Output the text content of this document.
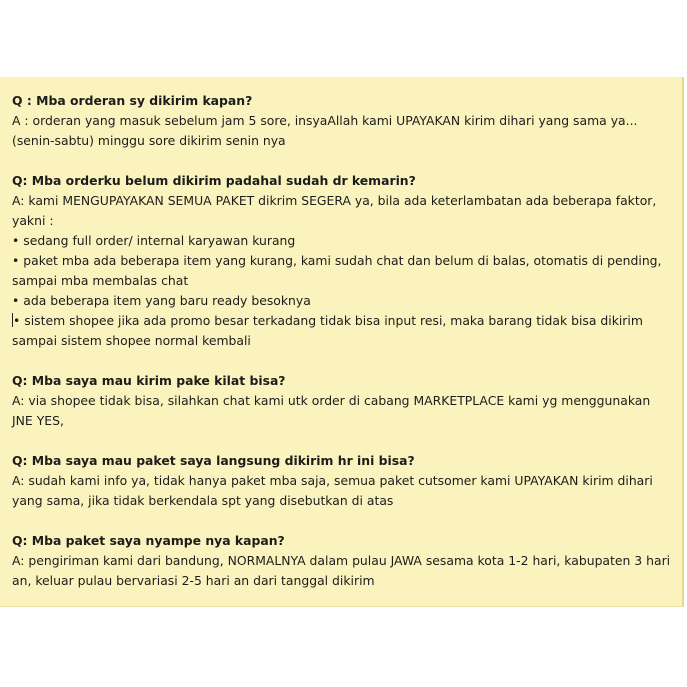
Q : Mba orderan sy dikirim kapan?
A : orderan yang masuk sebelum jam 5 sore, insyaAllah kami UPAYAKAN kirim dihari yang sama ya... (senin-sabtu) minggu sore dikirim senin nya
Q: Mba orderku belum dikirim padahal sudah dr kemarin?
A: kami MENGUPAYAKAN SEMUA PAKET dikrim SEGERA ya, bila ada keterlambatan ada beberapa faktor, yakni :
• sedang full order/ internal karyawan kurang
• paket mba ada beberapa item yang kurang, kami sudah chat dan belum di balas, otomatis di pending, sampai mba membalas chat
• ada beberapa item yang baru ready besoknya
• sistem shopee jika ada promo besar terkadang tidak bisa input resi, maka barang tidak bisa dikirim sampai sistem shopee normal kembali
Q: Mba saya mau kirim pake kilat bisa?
A: via shopee tidak bisa, silahkan chat kami utk order di cabang MARKETPLACE kami yg menggunakan JNE YES,
Q: Mba saya mau paket saya langsung dikirim hr ini bisa?
A: sudah kami info ya, tidak hanya paket mba saja, semua paket cutsomer kami UPAYAKAN kirim dihari yang sama, jika tidak berkendala spt yang disebutkan di atas
Q: Mba paket saya nyampe nya kapan?
A: pengiriman kami dari bandung, NORMALNYA dalam pulau JAWA sesama kota 1-2 hari, kabupaten 3 hari an, keluar pulau bervariasi 2-5 hari an dari tanggal dikirim
